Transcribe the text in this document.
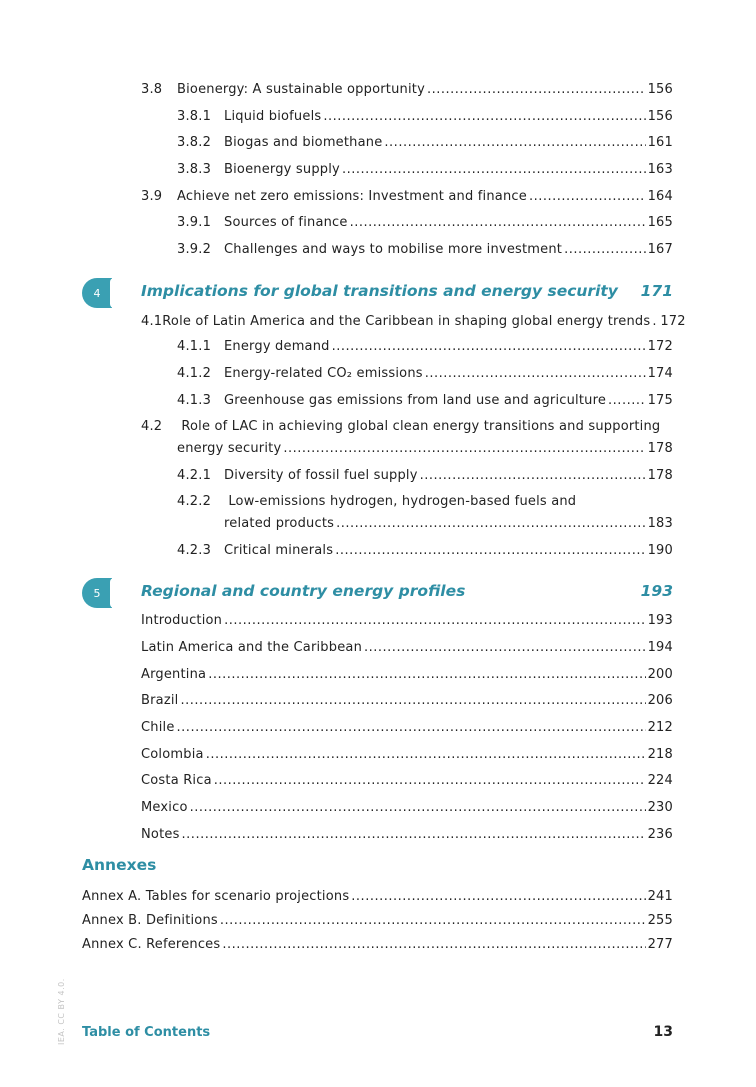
3.8	Bioenergy: A sustainable opportunity .....	156
3.8.1 Liquid biofuels .....	156
3.8.2 Biogas and biomethane .....	161
3.8.3 Bioenergy supply .....	163
3.9	Achieve net zero emissions: Investment and finance .....	164
3.9.1 Sources of finance .....	165
3.9.2 Challenges and ways to mobilise more investment .....	167
4	Implications for global transitions and energy security 171
4.1 Role of Latin America and the Caribbean in shaping global energy trends ..... 172
4.1.1 Energy demand .....	172
4.1.2 Energy-related CO₂ emissions .....	174
4.1.3 Greenhouse gas emissions from land use and agriculture .....	175
4.2 Role of LAC in achieving global clean energy transitions and supporting
energy security .....	178
4.2.1 Diversity of fossil fuel supply .....	178
4.2.2 Low-emissions hydrogen, hydrogen-based fuels and
related products .....	183
4.2.3 Critical minerals .....	190
5	Regional and country energy profiles	193
Introduction .....	193
Latin America and the Caribbean .....	194
Argentina .....	200
Brazil .....	206
Chile .....	212
Colombia .....	218
Costa Rica .....	224
Mexico .....	230
Notes .....	236
Annexes
Annex A. Tables for scenario projections .....	241
Annex B. Definitions .....	255
Annex C. References .....	277
IEA. CC BY 4.0. Table of Contents	13
